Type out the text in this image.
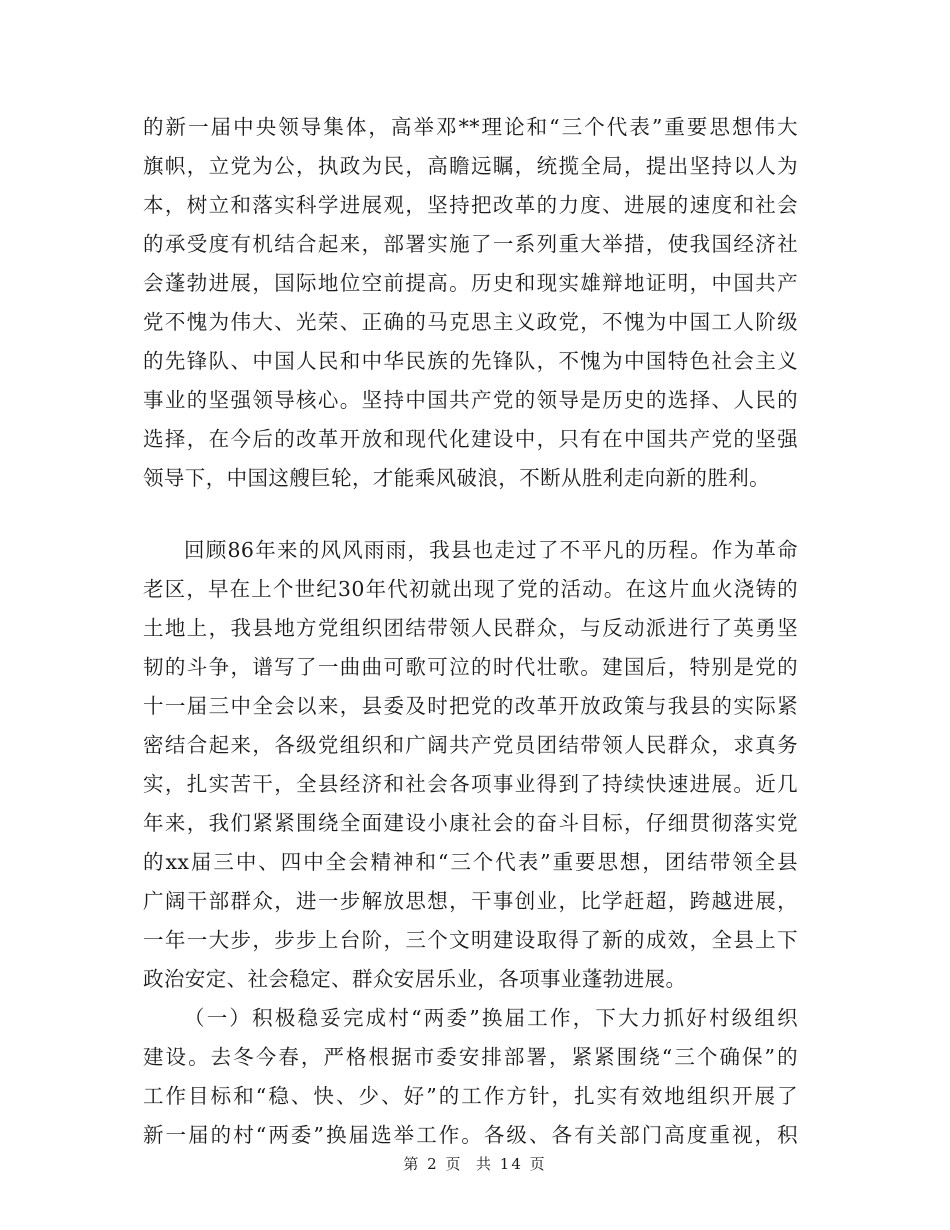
的新一届中央领导集体，高举邓**理论和“三个代表”重要思想伟大
旗帜，立党为公，执政为民，高瞻远瞩，统揽全局，提出坚持以人为
本，树立和落实科学进展观，坚持把改革的力度、进展的速度和社会
的承受度有机结合起来，部署实施了一系列重大举措，使我国经济社
会蓬勃进展，国际地位空前提高。历史和现实雄辩地证明，中国共产
党不愧为伟大、光荣、正确的马克思主义政党，不愧为中国工人阶级
的先锋队、中国人民和中华民族的先锋队，不愧为中国特色社会主义
事业的坚强领导核心。坚持中国共产党的领导是历史的选择、人民的
选择，在今后的改革开放和现代化建设中，只有在中国共产党的坚强
领导下，中国这艘巨轮，才能乘风破浪，不断从胜利走向新的胜利。
回顾86年来的风风雨雨，我县也走过了不平凡的历程。作为革命
老区，早在上个世纪30年代初就出现了党的活动。在这片血火浇铸的
土地上，我县地方党组织团结带领人民群众，与反动派进行了英勇坚
韧的斗争，谱写了一曲曲可歌可泣的时代壮歌。建国后，特别是党的
十一届三中全会以来，县委及时把党的改革开放政策与我县的实际紧
密结合起来，各级党组织和广阔共产党员团结带领人民群众，求真务
实，扎实苦干，全县经济和社会各项事业得到了持续快速进展。近几
年来，我们紧紧围绕全面建设小康社会的奋斗目标，仔细贯彻落实党
的xx届三中、四中全会精神和“三个代表”重要思想，团结带领全县
广阔干部群众，进一步解放思想，干事创业，比学赶超，跨越进展，
一年一大步，步步上台阶，三个文明建设取得了新的成效，全县上下
政治安定、社会稳定、群众安居乐业，各项事业蓬勃进展。
（一）积极稳妥完成村“两委”换届工作，下大力抓好村级组织
建设。去冬今春，严格根据市委安排部署，紧紧围绕“三个确保”的
工作目标和“稳、快、少、好”的工作方针，扎实有效地组织开展了
新一届的村“两委”换届选举工作。各级、各有关部门高度重视，积
第 2 页  共 14 页
